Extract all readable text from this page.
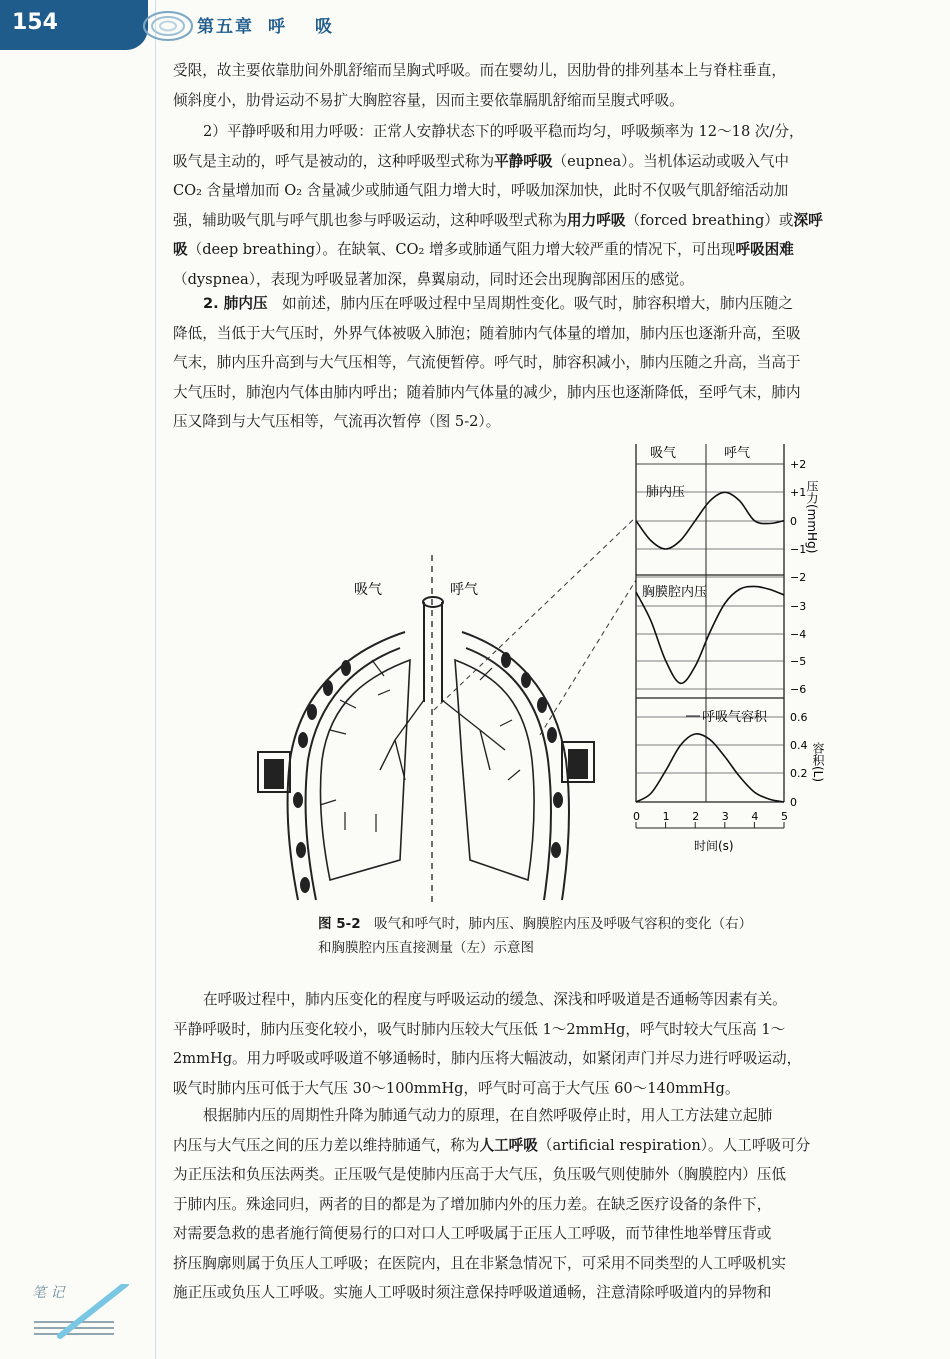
154	第五章 呼 吸
受限，故主要依靠肋间外肌舒缩而呈胸式呼吸。而在婴幼儿，因肋骨的排列基本上与脊柱垂直，
倾斜度小，肋骨运动不易扩大胸腔容量，因而主要依靠膈肌舒缩而呈腹式呼吸。
2）平静呼吸和用力呼吸：正常人安静状态下的呼吸平稳而均匀，呼吸频率为 12～18 次/分，
吸气是主动的，呼气是被动的，这种呼吸型式称为平静呼吸（eupnea）。当机体运动或吸入气中
CO₂ 含量增加而 O₂ 含量减少或肺通气阻力增大时，呼吸加深加快，此时不仅吸气肌舒缩活动加
强，辅助吸气肌与呼气肌也参与呼吸运动，这种呼吸型式称为用力呼吸（forced breathing）或深呼
吸（deep breathing）。在缺氧、CO₂ 增多或肺通气阻力增大较严重的情况下，可出现呼吸困难
（dyspnea），表现为呼吸显著加深，鼻翼扇动，同时还会出现胸部困压的感觉。
2. 肺内压　如前述，肺内压在呼吸过程中呈周期性变化。吸气时，肺容积增大，肺内压随之
降低，当低于大气压时，外界气体被吸入肺泡；随着肺内气体量的增加，肺内压也逐渐升高，至吸
气末，肺内压升高到与大气压相等，气流便暂停。呼气时，肺容积减小，肺内压随之升高，当高于
大气压时，肺泡内气体由肺内呼出；随着肺内气体量的减少，肺内压也逐渐降低，至呼气末，肺内
压又降到与大气压相等，气流再次暂停（图 5-2）。
吸气	呼气
吸气	呼气
肺内压
胸膜腔内压
呼吸气容积
+2
+1
0
−1
−2
−3
−4
−5
−6
0.6
0.4
0.2
0
0 1 2 3 4 5
压力(mmHg)
容积(L)
时间(s)
图 5-2　 吸气和呼气时，肺内压、胸膜腔内压及呼吸气容积的变化（右）
和胸膜腔内压直接测量（左）示意图
在呼吸过程中，肺内压变化的程度与呼吸运动的缓急、深浅和呼吸道是否通畅等因素有关。
平静呼吸时，肺内压变化较小，吸气时肺内压较大气压低 1～2mmHg，呼气时较大气压高 1～
2mmHg。用力呼吸或呼吸道不够通畅时，肺内压将大幅波动，如紧闭声门并尽力进行呼吸运动，
吸气时肺内压可低于大气压 30～100mmHg，呼气时可高于大气压 60～140mmHg。
根据肺内压的周期性升降为肺通气动力的原理，在自然呼吸停止时，用人工方法建立起肺
内压与大气压之间的压力差以维持肺通气，称为人工呼吸（artificial respiration）。人工呼吸可分
为正压法和负压法两类。正压吸气是使肺内压高于大气压，负压吸气则使肺外（胸膜腔内）压低
于肺内压。殊途同归，两者的目的都是为了增加肺内外的压力差。在缺乏医疗设备的条件下，
对需要急救的患者施行简便易行的口对口人工呼吸属于正压人工呼吸，而节律性地举臂压背或
挤压胸廓则属于负压人工呼吸；在医院内，且在非紧急情况下，可采用不同类型的人工呼吸机实
施正压或负压人工呼吸。实施人工呼吸时须注意保持呼吸道通畅，注意清除呼吸道内的异物和
笔 记
